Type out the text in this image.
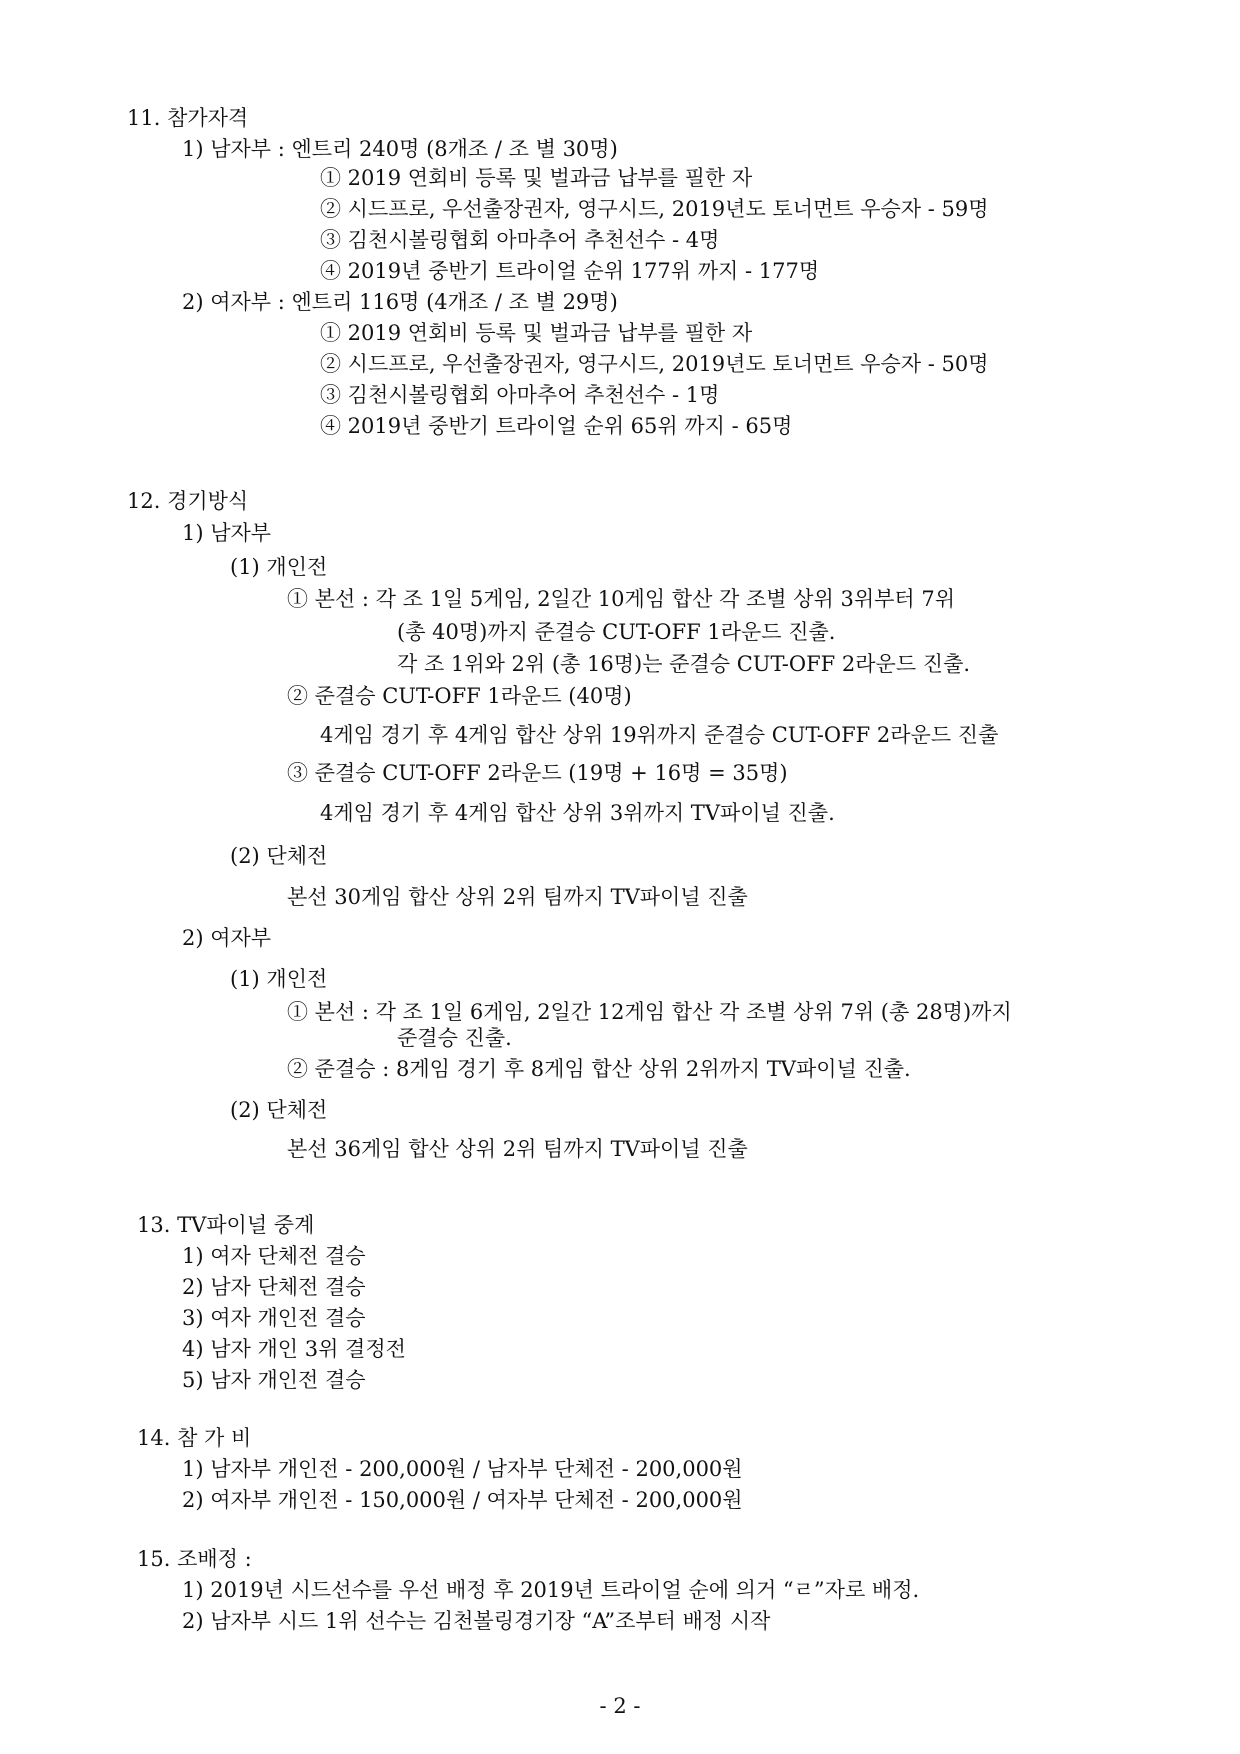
11. 참가자격
1) 남자부 : 엔트리 240명 (8개조 / 조 별 30명)
① 2019 연회비 등록 및 벌과금 납부를 필한 자
② 시드프로, 우선출장권자, 영구시드, 2019년도 토너먼트 우승자 - 59명
③ 김천시볼링협회 아마추어 추천선수 - 4명
④ 2019년 중반기 트라이얼 순위 177위 까지 - 177명
2) 여자부 : 엔트리 116명 (4개조 / 조 별 29명)
① 2019 연회비 등록 및 벌과금 납부를 필한 자
② 시드프로, 우선출장권자, 영구시드, 2019년도 토너먼트 우승자 - 50명
③ 김천시볼링협회 아마추어 추천선수 - 1명
④ 2019년 중반기 트라이얼 순위 65위 까지 - 65명
12. 경기방식
1) 남자부
(1) 개인전
① 본선 : 각 조 1일 5게임, 2일간 10게임 합산 각 조별 상위 3위부터 7위
(총 40명)까지 준결승 CUT-OFF 1라운드 진출.
각 조 1위와 2위 (총 16명)는 준결승 CUT-OFF 2라운드 진출.
② 준결승 CUT-OFF 1라운드 (40명)
4게임 경기 후 4게임 합산 상위 19위까지 준결승 CUT-OFF 2라운드 진출
③ 준결승 CUT-OFF 2라운드 (19명 + 16명 = 35명)
4게임 경기 후 4게임 합산 상위 3위까지 TV파이널 진출.
(2) 단체전
본선 30게임 합산 상위 2위 팀까지 TV파이널 진출
2) 여자부
(1) 개인전
① 본선 : 각 조 1일 6게임, 2일간 12게임 합산 각 조별 상위 7위 (총 28명)까지
준결승 진출.
② 준결승 : 8게임 경기 후 8게임 합산 상위 2위까지 TV파이널 진출.
(2) 단체전
본선 36게임 합산 상위 2위 팀까지 TV파이널 진출
13. TV파이널 중계
1) 여자 단체전 결승
2) 남자 단체전 결승
3) 여자 개인전 결승
4) 남자 개인 3위 결정전
5) 남자 개인전 결승
14. 참 가 비
1) 남자부 개인전 - 200,000원 / 남자부 단체전 - 200,000원
2) 여자부 개인전 - 150,000원 / 여자부 단체전 - 200,000원
15. 조배정 :
1) 2019년 시드선수를 우선 배정 후 2019년 트라이얼 순에 의거 “ㄹ”자로 배정.
2) 남자부 시드 1위 선수는 김천볼링경기장 “A”조부터 배정 시작
- 2 -
